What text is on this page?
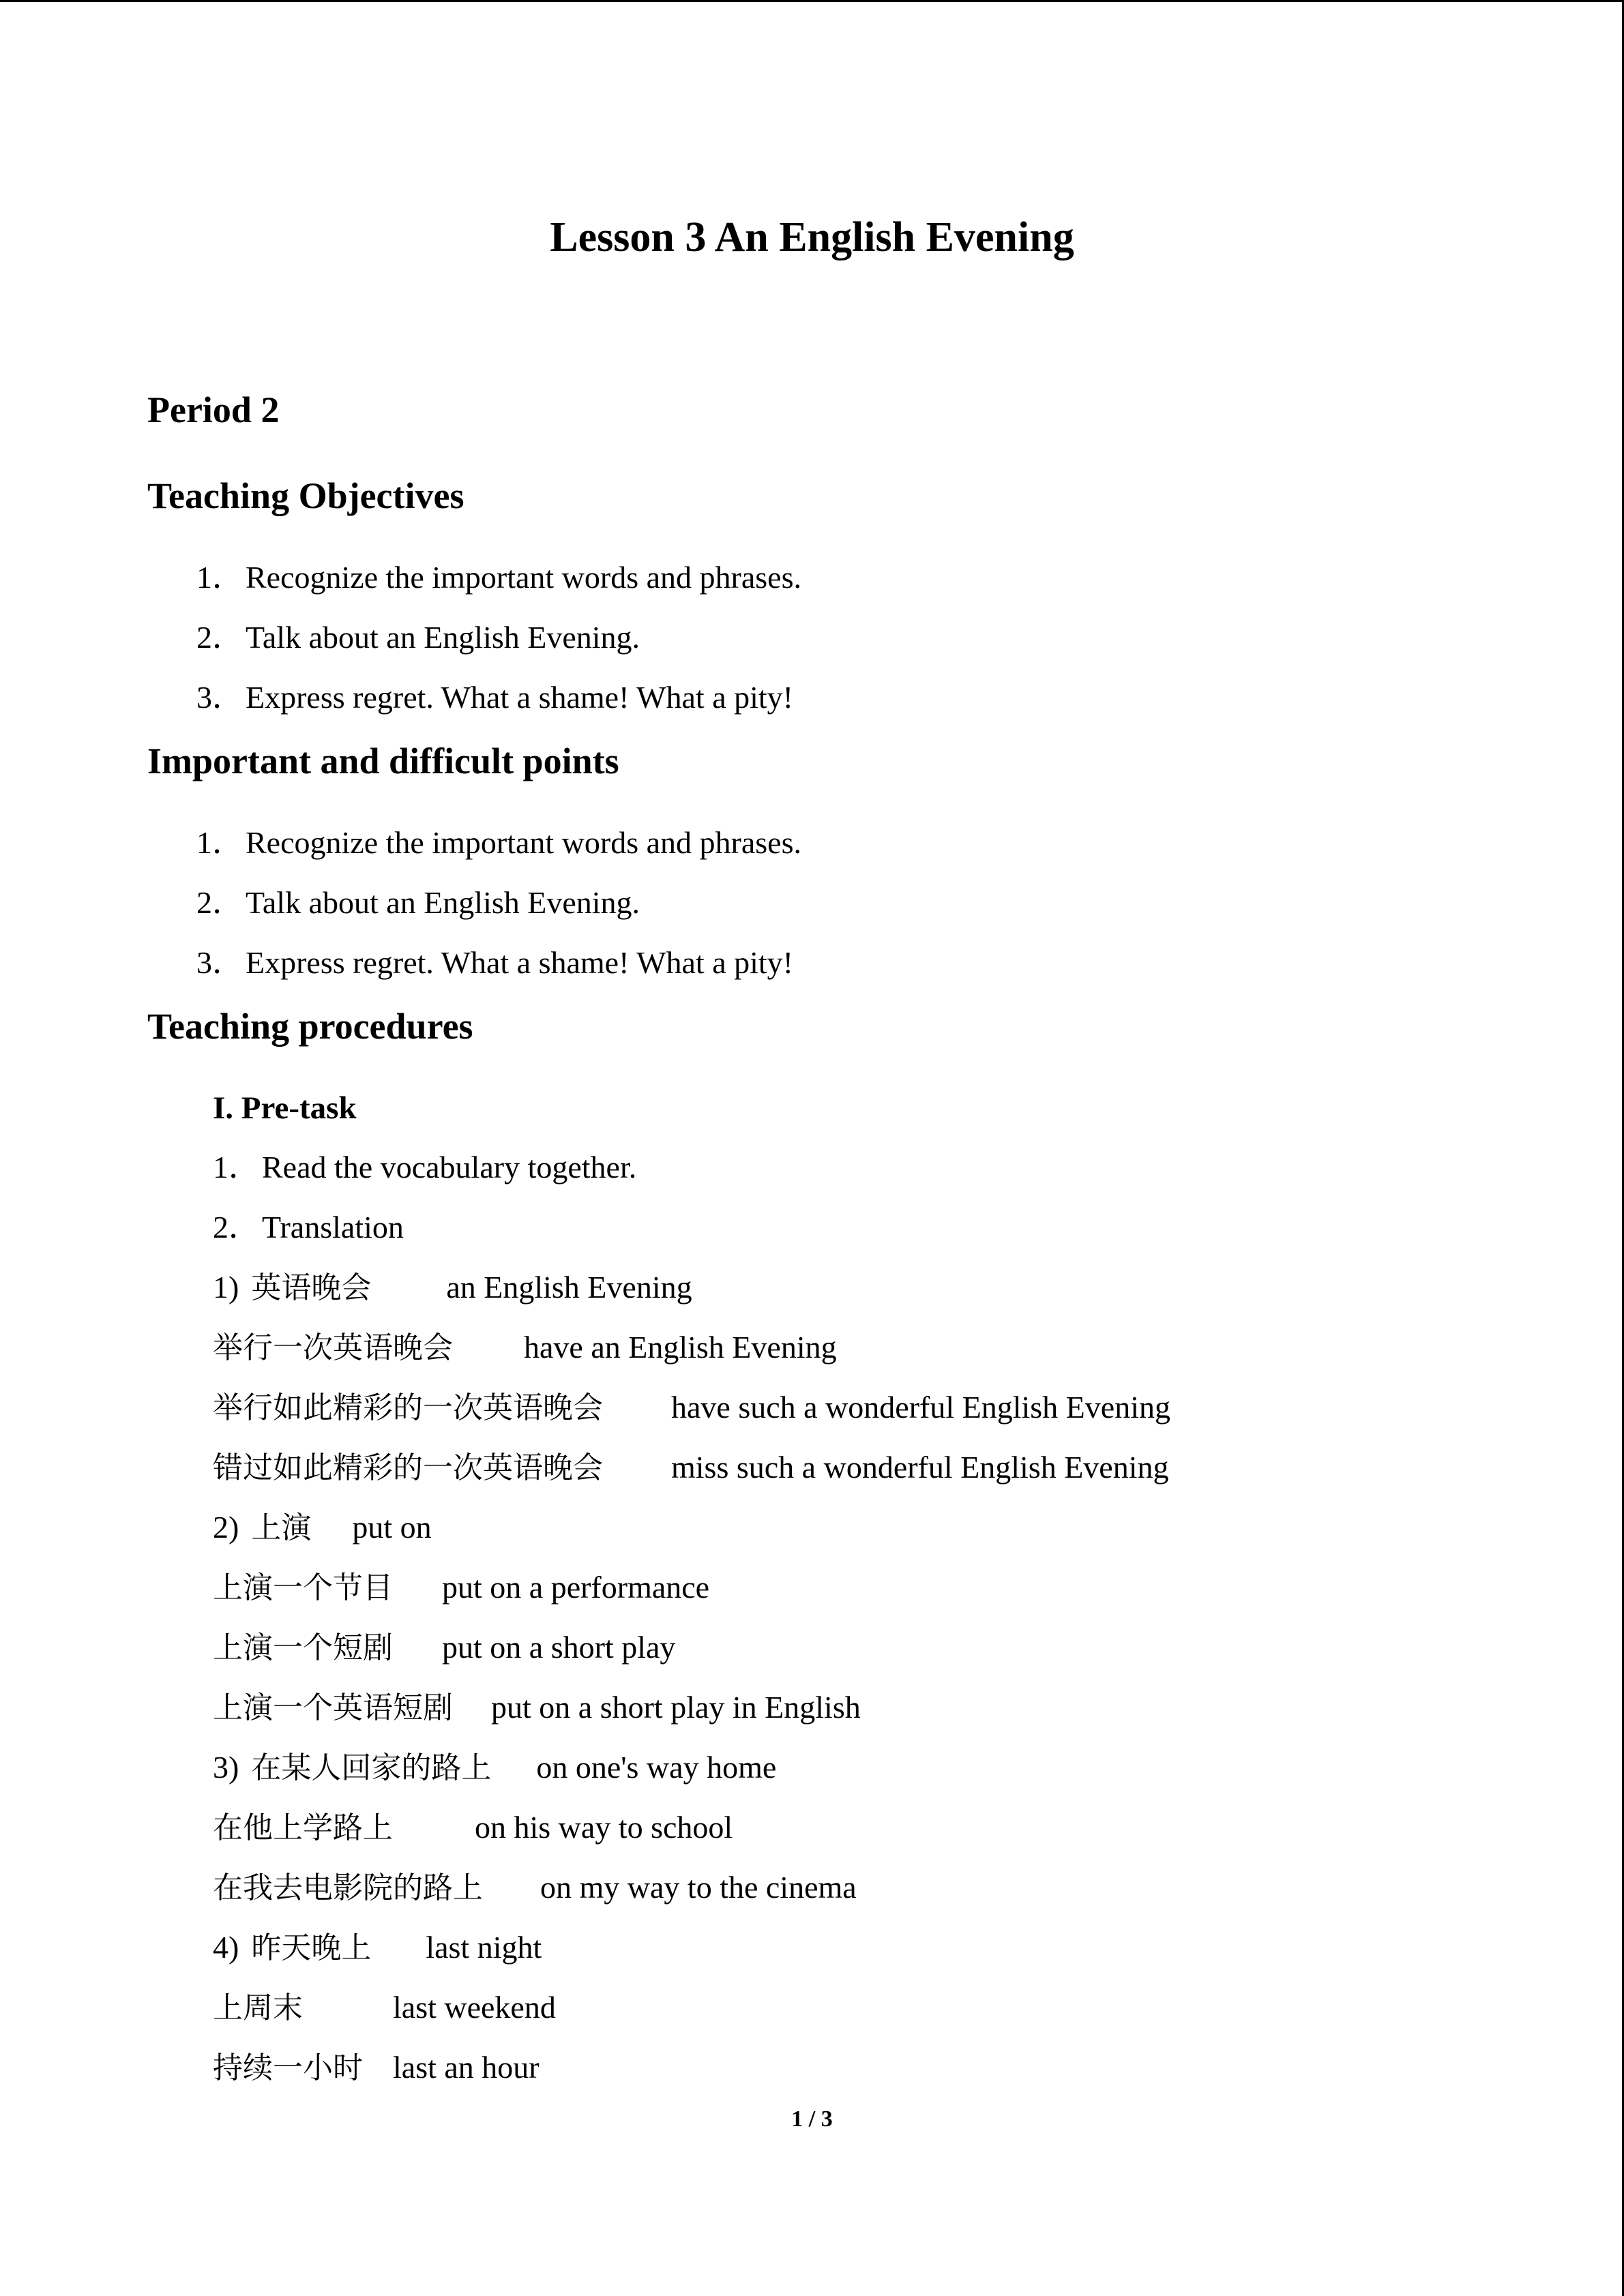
Lesson 3 An English Evening
Period 2
Teaching Objectives
1．Recognize the important words and phrases.
2．Talk about an English Evening.
3．Express regret. What a shame! What a pity!
Important and difficult points
1．Recognize the important words and phrases.
2．Talk about an English Evening.
3．Express regret. What a shame! What a pity!
Teaching procedures
I. Pre-task
1．Read the vocabulary together.
2．Translation
1) 英语晚会 an English Evening
举行一次英语晚会 have an English Evening
举行如此精彩的一次英语晚会 have such a wonderful English Evening
错过如此精彩的一次英语晚会 miss such a wonderful English Evening
2) 上演 put on
上演一个节目 put on a performance
上演一个短剧 put on a short play
上演一个英语短剧 put on a short play in English
3) 在某人回家的路上 on one's way home
在他上学路上	on his way to school
在我去电影院的路上 on my way to the cinema
4) 昨天晚上 last night
上周末	last weekend
持续一小时 last an hour
1 / 3
